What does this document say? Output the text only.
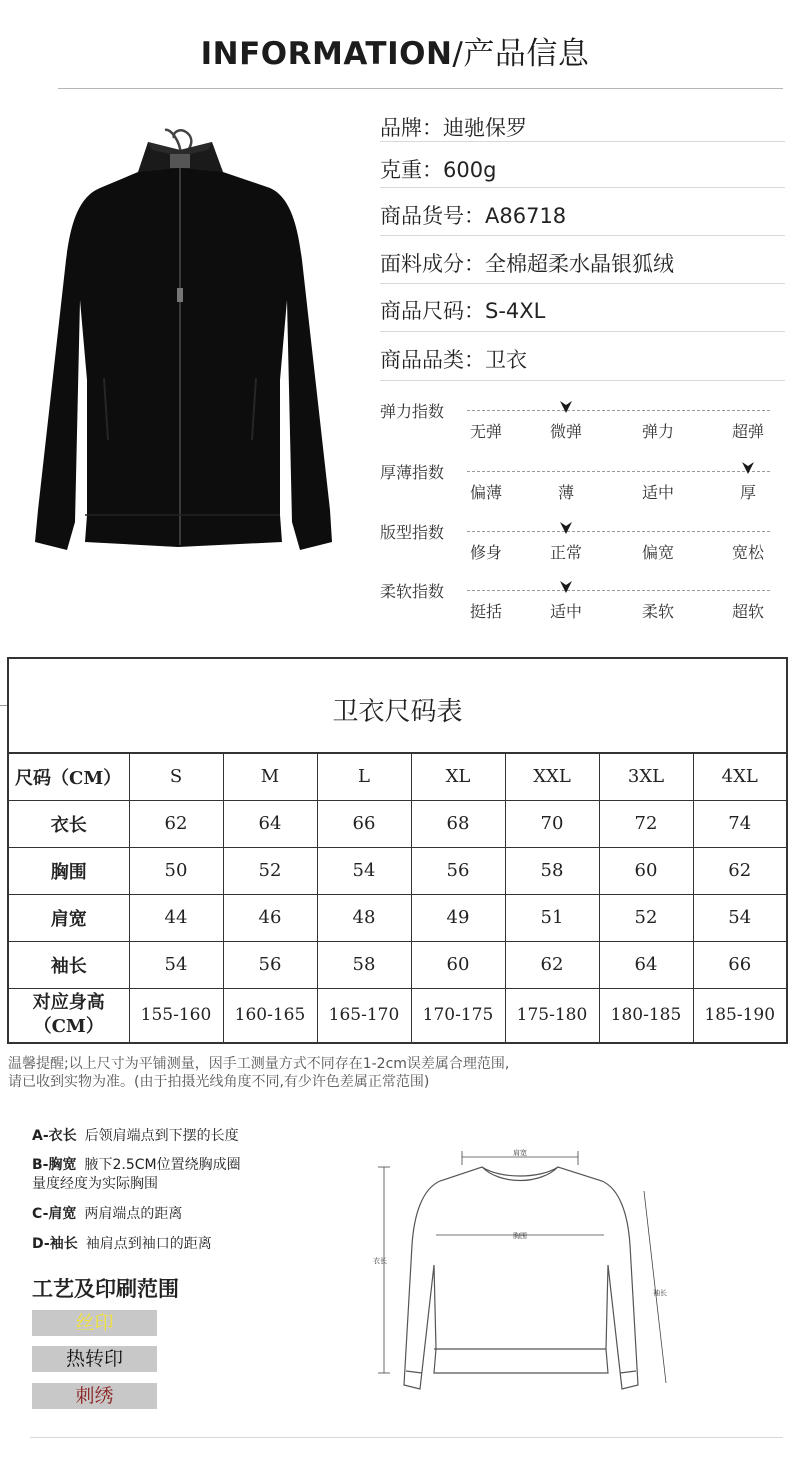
INFORMATION/产品信息
品牌：迪驰保罗
克重：600g
商品货号：A86718
面料成分：全棉超柔水晶银狐绒
商品尺码：S-4XL
商品品类：卫衣
弹力指数
无弹	微弹	弹力	超弹
厚薄指数
偏薄	薄	适中	厚
版型指数
修身	正常	偏宽	宽松
柔软指数
挺括	适中	柔软	超软
卫衣尺码表
尺码（CM）	S	M	L	XL	XXL	3XL	4XL
衣长	62	64	66	68	70	72	74
胸围	50	52	54	56	58	60	62
肩宽	44	46	48	49	51	52	54
袖长	54	56	58	60	62	64	66
对应身高
（CM）	155-160	160-165	165-170	170-175	175-180	180-185	185-190
温馨提醒;以上尺寸为平铺测量，因手工测量方式不同存在1-2cm误差属合理范围,
请已收到实物为准。(由于拍摄光线角度不同,有少许色差属正常范围)
A-衣长 后领肩端点到下摆的长度
B-胸宽 腋下2.5CM位置绕胸成圈
量度经度为实际胸围
C-肩宽 两肩端点的距离
D-袖长 袖肩点到袖口的距离
肩宽
胸围
衣长
袖长
工艺及印刷范围
丝印
热转印
刺绣
